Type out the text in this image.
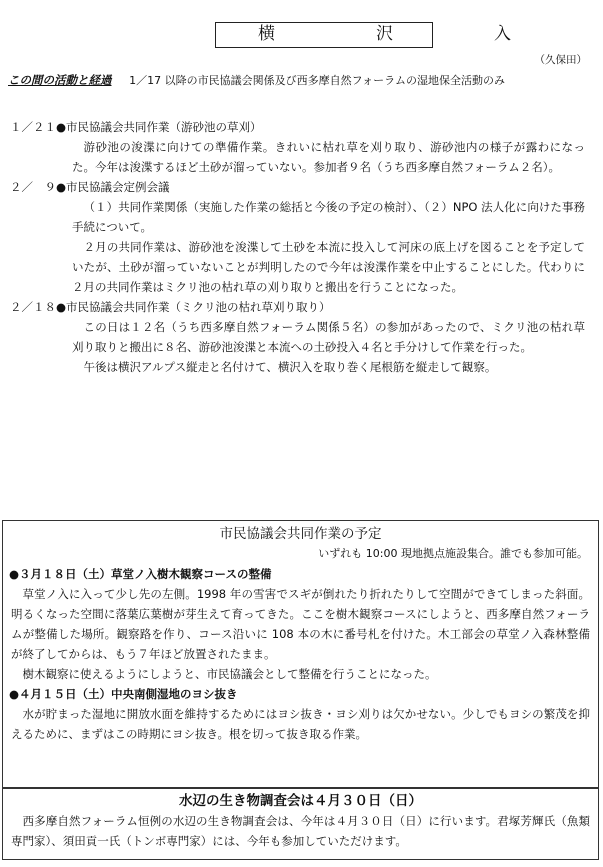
横　沢　入
（久保田）
この間の活動と経過 1／17 以降の市民協議会関係及び西多摩自然フォーラムの湿地保全活動のみ
１／２１●市民協議会共同作業（游砂池の草刈）

游砂池の浚渫に向けての準備作業。きれいに枯れ草を刈り取り、游砂池内の様子が露わになった。今年は浚渫するほど土砂が溜っていない。参加者９名（うち西多摩自然フォーラム２名）。

２／　９●市民協議会定例会議

（１）共同作業関係（実施した作業の総括と今後の予定の検討）、（２）NPO 法人化に向けた事務手続について。

２月の共同作業は、游砂池を浚渫して土砂を本流に投入して河床の底上げを図ることを予定していたが、土砂が溜っていないことが判明したので今年は浚渫作業を中止することにした。代わりに２月の共同作業はミクリ池の枯れ草の刈り取りと搬出を行うことになった。

２／１８●市民協議会共同作業（ミクリ池の枯れ草刈り取り）

この日は１２名（うち西多摩自然フォーラム関係５名）の参加があったので、ミクリ池の枯れ草刈り取りと搬出に８名、游砂池浚渫と本流への土砂投入４名と手分けして作業を行った。

午後は横沢アルプス縦走と名付けて、横沢入を取り巻く尾根筋を縦走して観察。

市民協議会共同作業の予定
いずれも 10:00 現地拠点施設集合。誰でも参加可能。
●３月１８日（土）草堂ノ入樹木観察コースの整備

草堂ノ入に入って少し先の左側。1998 年の雪害でスギが倒れたり折れたりして空間ができてしまった斜面。明るくなった空間に落葉広葉樹が芽生えて育ってきた。ここを樹木観察コースにしようと、西多摩自然フォーラムが整備した場所。観察路を作り、コース沿いに 108 本の木に番号札を付けた。木工部会の草堂ノ入森林整備が終了してからは、もう７年ほど放置されたまま。

樹木観察に使えるようにしようと、市民協議会として整備を行うことになった。

●４月１５日（土）中央南側湿地のヨシ抜き

水が貯まった湿地に開放水面を維持するためにはヨシ抜き・ヨシ刈りは欠かせない。少しでもヨシの繁茂を抑えるために、まずはこの時期にヨシ抜き。根を切って抜き取る作業。

水辺の生き物調査会は４月３０日（日）

西多摩自然フォーラム恒例の水辺の生き物調査会は、今年は４月３０日（日）に行います。君塚芳輝氏（魚類専門家）、須田貢一氏（トンボ専門家）には、今年も参加していただけます。
